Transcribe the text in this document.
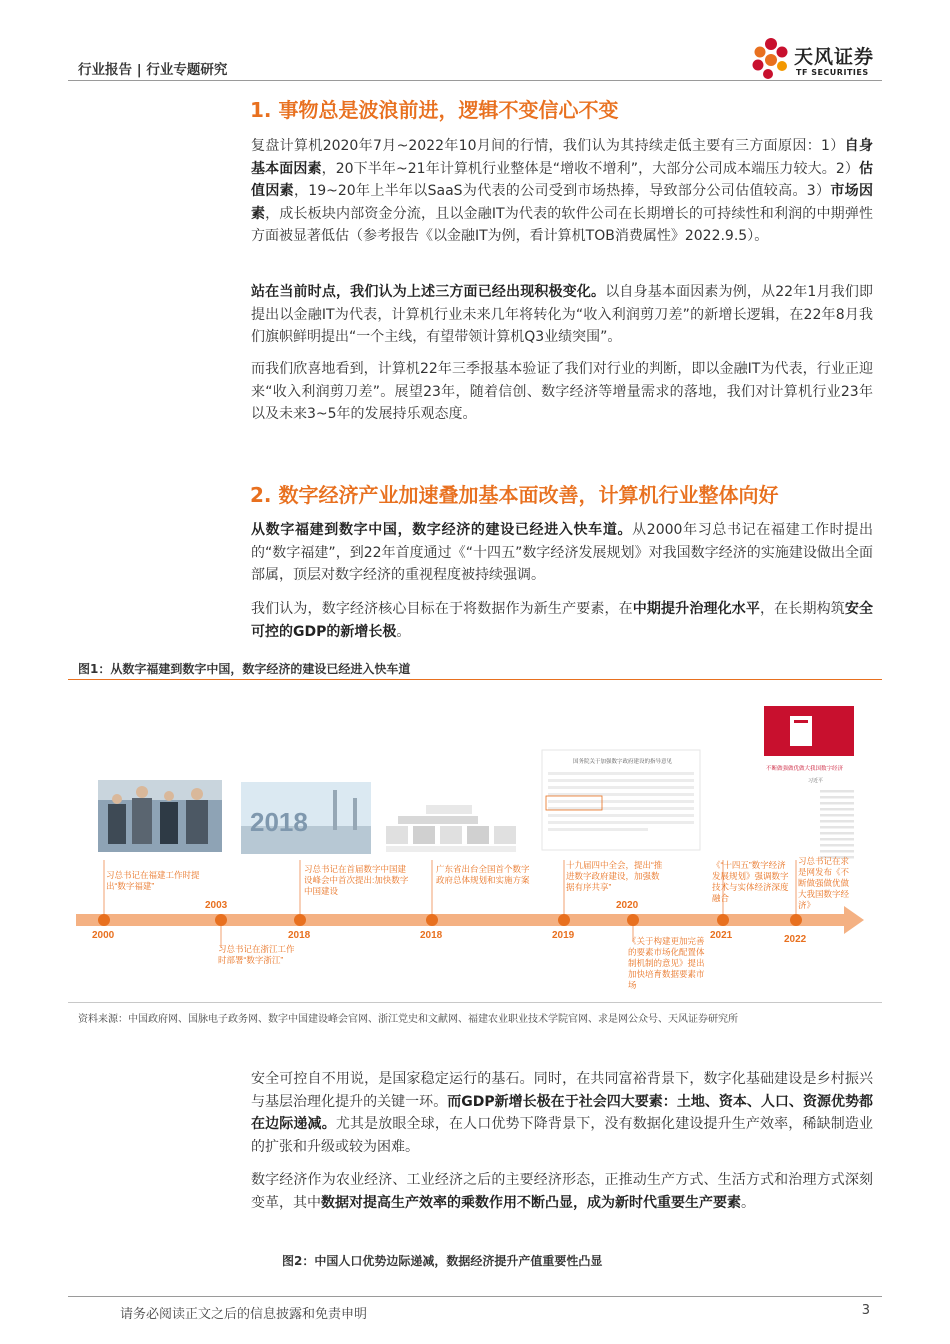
行业报告 | 行业专题研究
天风证券
TF SECURITIES
1. 事物总是波浪前进，逻辑不变信心不变
复盘计算机2020年7月~2022年10月间的行情，我们认为其持续走低主要有三方面原因：1）自身基本面因素，20下半年~21年计算机行业整体是“增收不增利”，大部分公司成本端压力较大。2）估值因素，19~20年上半年以SaaS为代表的公司受到市场热捧，导致部分公司估值较高。3）市场因素，成长板块内部资金分流，且以金融IT为代表的软件公司在长期增长的可持续性和利润的中期弹性方面被显著低估（参考报告《以金融IT为例，看计算机TOB消费属性》2022.9.5）。
站在当前时点，我们认为上述三方面已经出现积极变化。以自身基本面因素为例，从22年1月我们即提出以金融IT为代表，计算机行业未来几年将转化为“收入利润剪刀差”的新增长逻辑，在22年8月我们旗帜鲜明提出“一个主线，有望带领计算机Q3业绩突围”。
而我们欣喜地看到，计算机22年三季报基本验证了我们对行业的判断，即以金融IT为代表，行业正迎来“收入利润剪刀差”。展望23年，随着信创、数字经济等增量需求的落地，我们对计算机行业23年以及未来3~5年的发展持乐观态度。
2. 数字经济产业加速叠加基本面改善，计算机行业整体向好
从数字福建到数字中国，数字经济的建设已经进入快车道。从2000年习总书记在福建工作时提出的“数字福建”，到22年首度通过《“十四五”数字经济发展规划》对我国数字经济的实施建设做出全面部属，顶层对数字经济的重视程度被持续强调。
我们认为，数字经济核心目标在于将数据作为新生产要素，在中期提升治理化水平，在长期构筑安全可控的GDP的新增长极。
图1：从数字福建到数字中国，数字经济的建设已经进入快车道
2018
国务院关于加强数字政府建设的指导意见
不断做强做优做大我国数字经济
习近平
2000
2003
2018	2018	2019
2020
2021	2022
习总书记在福建工作时提出“数字福建”
习总书记在首届数字中国建设峰会中首次提出:加快数字中国建设
广东省出台全国首个数字政府总体规划和实施方案
十九届四中全会，提出“推进数字政府建设，加强数据有序共享”
《“十四五”数字经济发展规划》强调数字技术与实体经济深度融合
习总书记在求是网发布《不断做强做优做大我国数字经济》
习总书记在浙江工作时部署“数字浙江”
《关于构建更加完善的要素市场化配置体制机制的意见》提出加快培育数据要素市场
资料来源：中国政府网、国脉电子政务网、数字中国建设峰会官网、浙江党史和文献网、福建农业职业技术学院官网、求是网公众号、天风证券研究所
安全可控自不用说，是国家稳定运行的基石。同时，在共同富裕背景下，数字化基础建设是乡村振兴与基层治理化提升的关键一环。而GDP新增长极在于社会四大要素：土地、资本、人口、资源优势都在边际递减。尤其是放眼全球，在人口优势下降背景下，没有数据化建设提升生产效率，稀缺制造业的扩张和升级或较为困难。
数字经济作为农业经济、工业经济之后的主要经济形态，正推动生产方式、生活方式和治理方式深刻变革，其中数据对提高生产效率的乘数作用不断凸显，成为新时代重要生产要素。
图2：中国人口优势边际递减，数据经济提升产值重要性凸显
请务必阅读正文之后的信息披露和免责申明	3
